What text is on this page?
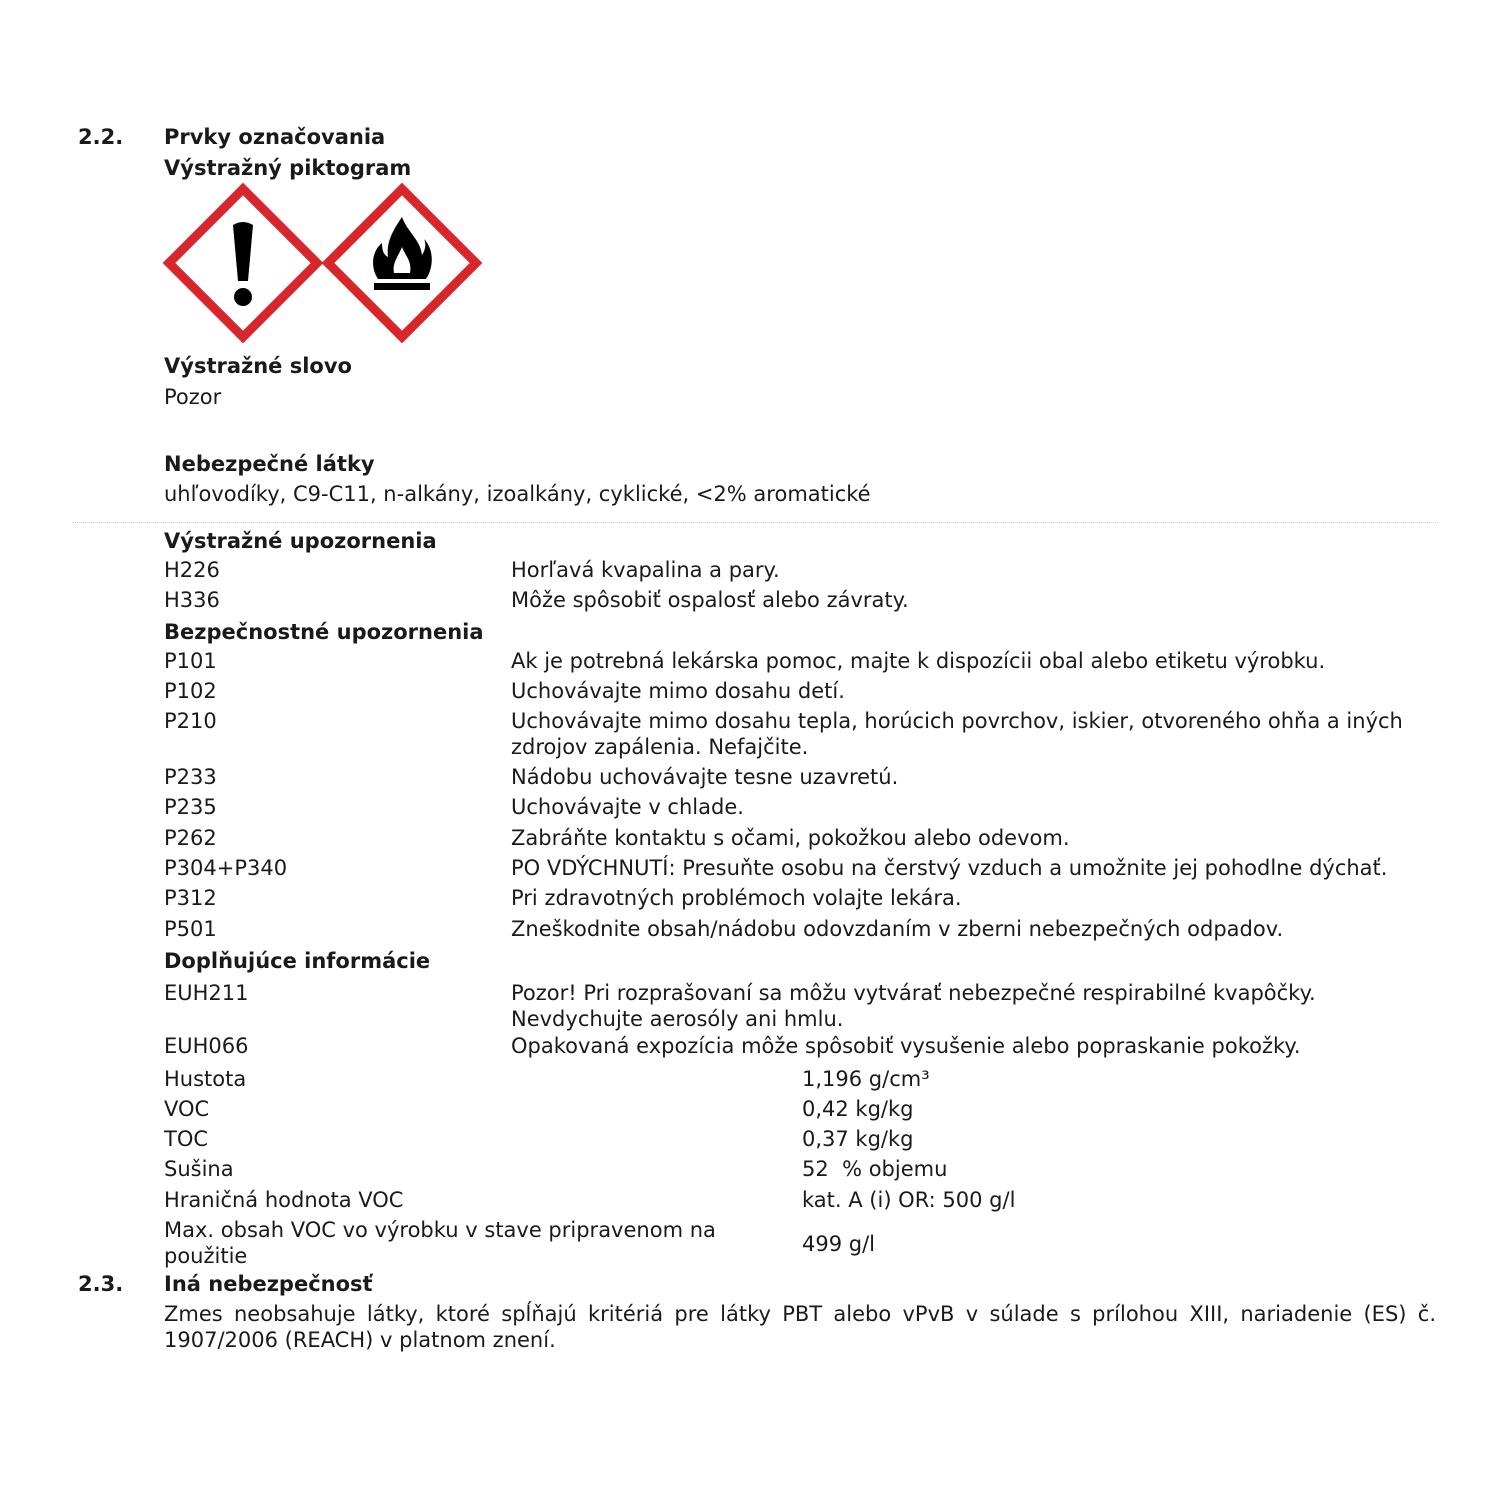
2.2. Prvky označovania
Výstražný piktogram
Výstražné slovo
Pozor
Nebezpečné látky
uhľovodíky, C9-C11, n-alkány, izoalkány, cyklické, <2% aromatické
Výstražné upozornenia
H226	Horľavá kvapalina a pary.
H336	Môže spôsobiť ospalosť alebo závraty.
Bezpečnostné upozornenia
P101	Ak je potrebná lekárska pomoc, majte k dispozícii obal alebo etiketu výrobku.
P102	Uchovávajte mimo dosahu detí.
P210	Uchovávajte mimo dosahu tepla, horúcich povrchov, iskier, otvoreného ohňa a iných zdrojov zapálenia. Nefajčite.
P233	Nádobu uchovávajte tesne uzavretú.
P235	Uchovávajte v chlade.
P262	Zabráňte kontaktu s očami, pokožkou alebo odevom.
P304+P340	PO VDÝCHNUTÍ: Presuňte osobu na čerstvý vzduch a umožnite jej pohodlne dýchať.
P312	Pri zdravotných problémoch volajte lekára.
P501	Zneškodnite obsah/nádobu odovzdaním v zberni nebezpečných odpadov.
Doplňujúce informácie
EUH211	Pozor! Pri rozprašovaní sa môžu vytvárať nebezpečné respirabilné kvapôčky. Nevdychujte aerosóly ani hmlu.
EUH066	Opakovaná expozícia môže spôsobiť vysušenie alebo popraskanie pokožky.
Hustota	1,196 g/cm³
VOC	0,42 kg/kg
TOC	0,37 kg/kg
Sušina	52  % objemu
Hraničná hodnota VOC	kat. A (i) OR: 500 g/l
Max. obsah VOC vo výrobku v stave pripravenom na použitie	499 g/l
2.3. Iná nebezpečnosť
Zmes neobsahuje látky, ktoré spĺňajú kritériá pre látky PBT alebo vPvB v súlade s prílohou XIII, nariadenie (ES) č. 1907/2006 (REACH) v platnom znení.
